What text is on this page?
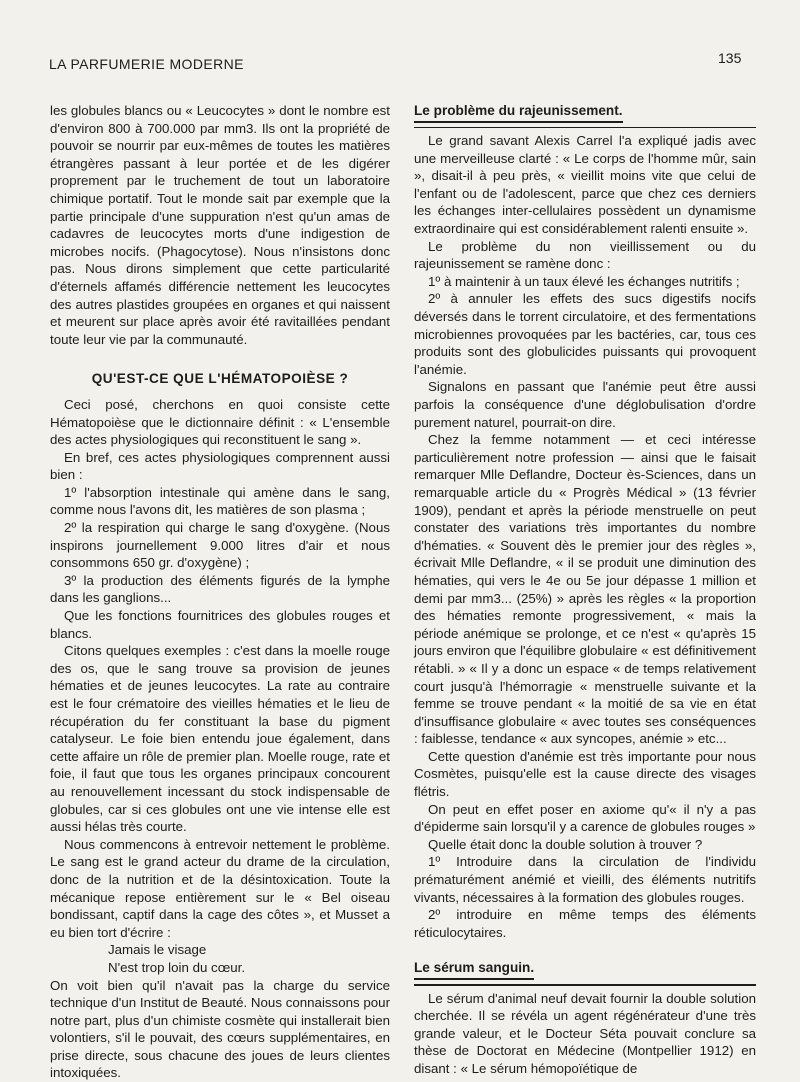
LA PARFUMERIE MODERNE	135

les globules blancs ou « Leucocytes » dont le nombre est d'environ 800 à 700.000 par mm3. Ils ont la propriété de pouvoir se nourrir par eux-mêmes de toutes les matières étrangères passant à leur portée et de les digérer proprement par le truchement de tout un laboratoire chimique portatif. Tout le monde sait par exemple que la partie principale d'une suppuration n'est qu'un amas de cadavres de leucocytes morts d'une indigestion de microbes nocifs. (Phagocytose). Nous n'insistons donc pas. Nous dirons simplement que cette particularité d'éternels affamés différencie nettement les leucocytes des autres plastides groupées en organes et qui naissent et meurent sur place après avoir été ravitaillées pendant toute leur vie par la communauté.

QU'EST-CE QUE L'HÉMATOPOIÈSE ?

Ceci posé, cherchons en quoi consiste cette Hématopoièse que le dictionnaire définit : « L'ensemble des actes physiologiques qui reconstituent le sang ».

En bref, ces actes physiologiques comprennent aussi bien :

1º l'absorption intestinale qui amène dans le sang, comme nous l'avons dit, les matières de son plasma ;

2º la respiration qui charge le sang d'oxygène. (Nous inspirons journellement 9.000 litres d'air et nous consommons 650 gr. d'oxygène) ;

3º la production des éléments figurés de la lymphe dans les ganglions...

Que les fonctions fournitrices des globules rouges et blancs.

Citons quelques exemples : c'est dans la moelle rouge des os, que le sang trouve sa provision de jeunes hématies et de jeunes leucocytes. La rate au contraire est le four crématoire des vieilles hématies et le lieu de récupération du fer constituant la base du pigment catalyseur. Le foie bien entendu joue également, dans cette affaire un rôle de premier plan. Moelle rouge, rate et foie, il faut que tous les organes principaux concourent au renouvellement incessant du stock indispensable de globules, car si ces globules ont une vie intense elle est aussi hélas très courte.

Nous commencons à entrevoir nettement le problème. Le sang est le grand acteur du drame de la circulation, donc de la nutrition et de la désintoxication. Toute la mécanique repose entièrement sur le « Bel oiseau bondissant, captif dans la cage des côtes », et Musset a eu bien tort d'écrire :

Jamais le visage

N'est trop loin du cœur.

On voit bien qu'il n'avait pas la charge du service technique d'un Institut de Beauté. Nous connaissons pour notre part, plus d'un chimiste cosmète qui installerait bien volontiers, s'il le pouvait, des cœurs supplémentaires, en prise directe, sous chacune des joues de leurs clientes intoxiquées.

Le problème du rajeunissement.

Le grand savant Alexis Carrel l'a expliqué jadis avec une merveilleuse clarté : « Le corps de l'homme mûr, sain », disait-il à peu près, « vieillit moins vite que celui de l'enfant ou de l'adolescent, parce que chez ces derniers les échanges inter-cellulaires possèdent un dynamisme extraordinaire qui est considérablement ralenti ensuite ».

Le problème du non vieillissement ou du rajeunissement se ramène donc :

1º à maintenir à un taux élevé les échanges nutritifs ;

2º à annuler les effets des sucs digestifs nocifs déversés dans le torrent circulatoire, et des fermentations microbiennes provoquées par les bactéries, car, tous ces produits sont des globulicides puissants qui provoquent l'anémie.

Signalons en passant que l'anémie peut être aussi parfois la conséquence d'une déglobulisation d'ordre purement naturel, pourrait-on dire.

Chez la femme notamment — et ceci intéresse particulièrement notre profession — ainsi que le faisait remarquer Mlle Deflandre, Docteur ès-Sciences, dans un remarquable article du « Progrès Médical » (13 février 1909), pendant et après la période menstruelle on peut constater des variations très importantes du nombre d'hématies. « Souvent dès le premier jour des règles », écrivait Mlle Deflandre, « il se produit une diminution des hématies, qui vers le 4e ou 5e jour dépasse 1 million et demi par mm3... (25%) » après les règles « la proportion des hématies remonte progressivement, « mais la période anémique se prolonge, et ce n'est « qu'après 15 jours environ que l'équilibre globulaire « est définitivement rétabli. » « Il y a donc un espace « de temps relativement court jusqu'à l'hémorragie « menstruelle suivante et la femme se trouve pendant « la moitié de sa vie en état d'insuffisance globulaire « avec toutes ses conséquences : faiblesse, tendance « aux syncopes, anémie » etc...

Cette question d'anémie est très importante pour nous Cosmètes, puisqu'elle est la cause directe des visages flétris.

On peut en effet poser en axiome qu'« il n'y a pas d'épiderme sain lorsqu'il y a carence de globules rouges »

Quelle était donc la double solution à trouver ?

1º Introduire dans la circulation de l'individu prématurément anémié et vieilli, des éléments nutritifs vivants, nécessaires à la formation des globules rouges.

2º introduire en même temps des éléments réticulocytaires.

Le sérum sanguin.

Le sérum d'animal neuf devait fournir la double solution cherchée. Il se révéla un agent régénérateur d'une très grande valeur, et le Docteur Séta pouvait conclure sa thèse de Doctorat en Médecine (Montpellier 1912) en disant : « Le sérum hémopoïétique de
